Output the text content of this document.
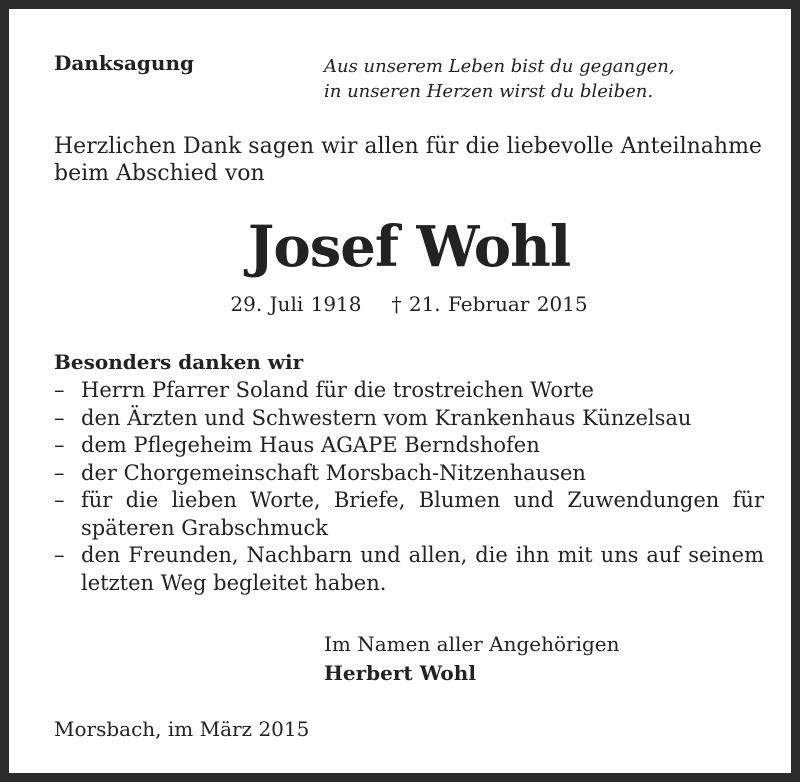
Danksagung	Aus unserem Leben bist du gegangen,
in unseren Herzen wirst du bleiben.
Herzlichen Dank sagen wir allen für die liebevolle Anteilnahme
beim Abschied von
Josef Wohl
29. Juli 1918 † 21. Februar 2015
Besonders danken wir
– Herrn Pfarrer Soland für die trostreichen Worte
– den Ärzten und Schwestern vom Krankenhaus Künzelsau
– dem Pflegeheim Haus AGAPE Berndshofen
– der Chorgemeinschaft Morsbach-Nitzenhausen
– für die lieben Worte, Briefe, Blumen und Zuwendungen für späteren Grabschmuck
– den Freunden, Nachbarn und allen, die ihn mit uns auf seinem letzten Weg begleitet haben.
Im Namen aller Angehörigen
Herbert Wohl
Morsbach, im März 2015
